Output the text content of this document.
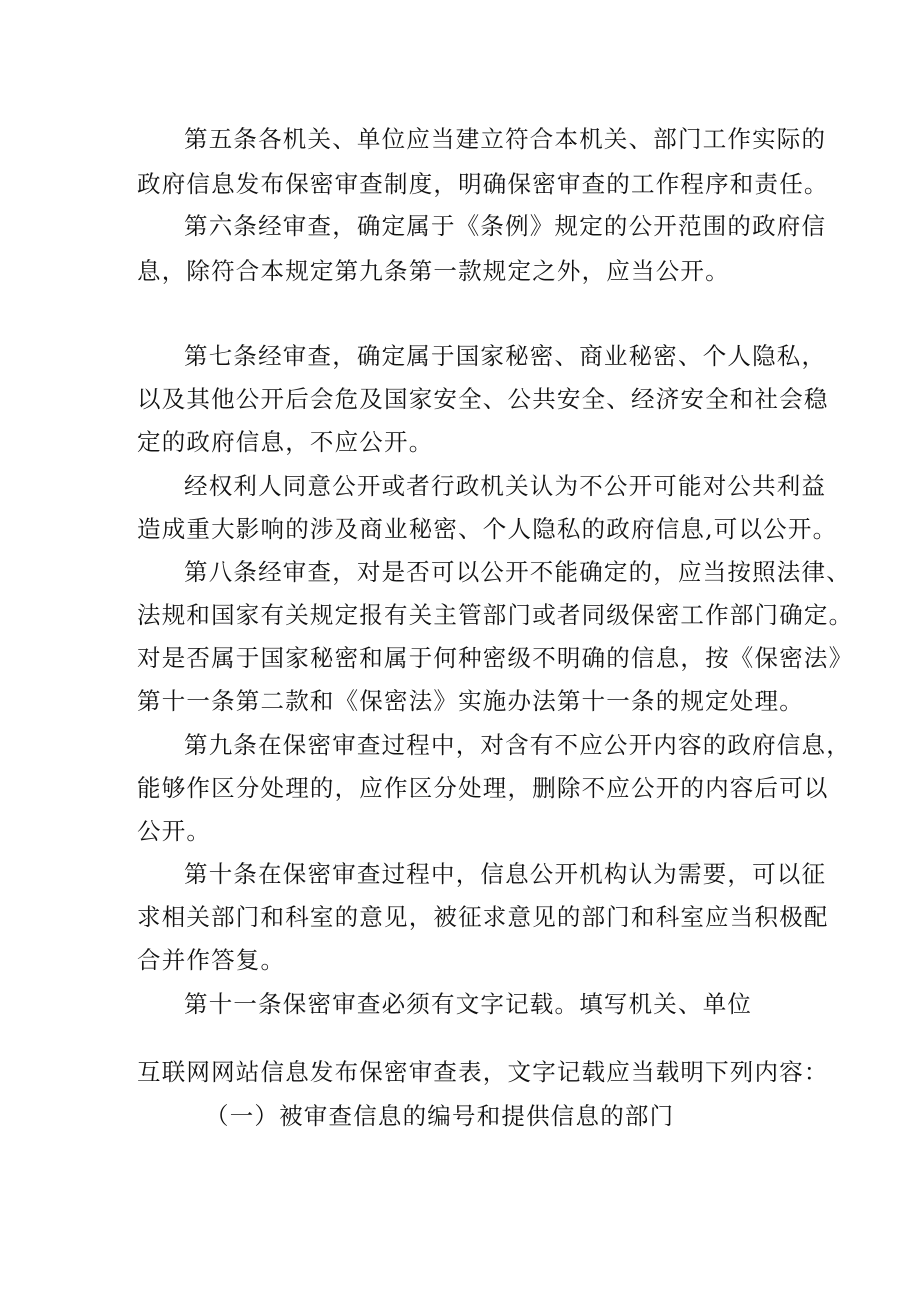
第五条各机关、单位应当建立符合本机关、部门工作实际的
政府信息发布保密审查制度，明确保密审查的工作程序和责任。
第六条经审查，确定属于《条例》规定的公开范围的政府信
息，除符合本规定第九条第一款规定之外，应当公开。
第七条经审查，确定属于国家秘密、商业秘密、个人隐私，
以及其他公开后会危及国家安全、公共安全、经济安全和社会稳
定的政府信息，不应公开。
经权利人同意公开或者行政机关认为不公开可能对公共利益
造成重大影响的涉及商业秘密、个人隐私的政府信息,可以公开。
第八条经审查，对是否可以公开不能确定的，应当按照法律、
法规和国家有关规定报有关主管部门或者同级保密工作部门确定。
对是否属于国家秘密和属于何种密级不明确的信息，按《保密法》
第十一条第二款和《保密法》实施办法第十一条的规定处理。
第九条在保密审查过程中，对含有不应公开内容的政府信息，
能够作区分处理的，应作区分处理，删除不应公开的内容后可以
公开。
第十条在保密审查过程中，信息公开机构认为需要，可以征
求相关部门和科室的意见，被征求意见的部门和科室应当积极配
合并作答复。
第十一条保密审查必须有文字记载。填写机关、单位
互联网网站信息发布保密审查表，文字记载应当载明下列内容：
（一）被审查信息的编号和提供信息的部门
